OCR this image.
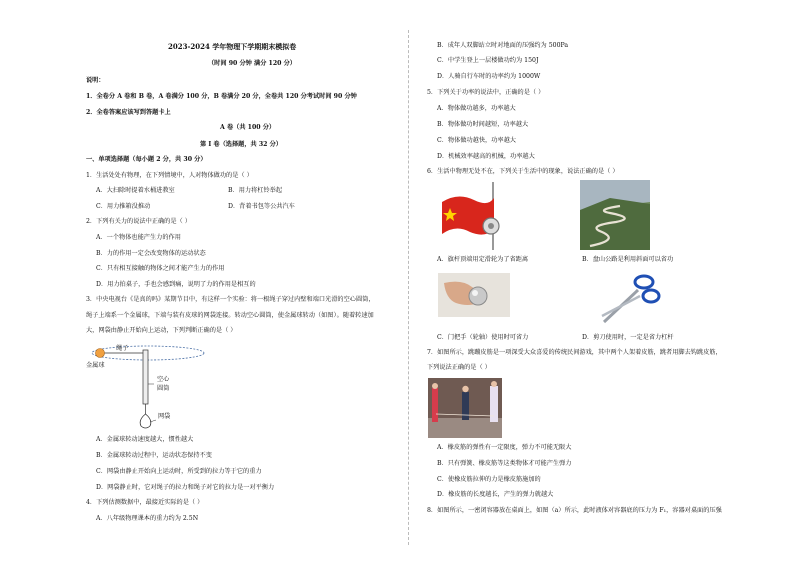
2023-2024 学年物理下学期期末模拟卷
（时间 90 分钟 满分 120 分）
说明：
1．全卷分 A 卷和 B 卷，A 卷满分 100 分，B 卷满分 20 分，全卷共 120 分考试时间 90 分钟
2．全卷答案应该写到答题卡上
A 卷（共 100 分）
第 I 卷（选择题，共 32 分）
一、单项选择题（每小题 2 分，共 30 分）
1．生活处处有物理，在下列情境中，人对物体做功的是（ ）
A．大扫除时提着水桶进教室	B．用力将杠铃举起
C．用力推箱没推动	D．背着书包等公共汽车
2．下列有关力的说法中正确的是（ ）
A．一个物体也能产生力的作用
B．力的作用一定会改变物体的运动状态
C．只有相互接触的物体之间才能产生力的作用
D．用力拍桌子，手也会感到痛，说明了力的作用是相互的
3．中央电视台《是真的吗》某期节目中，有这样一个实验：将一根绳子穿过内壁和端口光滑的空心圆筒，
绳子上端系一个金属球，下端与装有皮球的网袋连接。转动空心圆筒，使金属球转动（如图）。随着转速加
大，网袋由静止开始向上运动，下列判断正确的是（ ）
绳子
金属球
空心
圆筒
网袋
A．金属球转动速度越大，惯性越大
B．金属球转动过程中，运动状态保持不变
C．网袋由静止开始向上运动时，所受到的拉力等于它的重力
D．网袋静止时，它对绳子的拉力和绳子对它的拉力是一对平衡力
4．下列估测数据中，最接近实际的是（ ）
A．八年级物理课本的重力约为 2.5N
B．成年人双脚站立时对地面的压强约为 500Pa
C．中学生登上一层楼做功约为 150J
D．人骑自行车时的功率约为 1000W
5．下列关于功率的说法中，正确的是（ ）
A．物体做功越多，功率越大
B．物体做功时间越短，功率越大
C．物体做功越快，功率越大
D．机械效率越高的机械，功率越大
6．生活中物理无处不在，下列关于生活中的现象，说法正确的是（ ）
A．旗杆顶端用定滑轮为了省距离	B．盘山公路是利用斜面可以省功
C．门把手（轮轴）使用时可省力	D．剪刀使用时，一定是省力杠杆
7．如图所示，跳蹦皮筋是一项深受大众喜爱的传统民间游戏，其中两个人架着皮筋，跳者用脚去钩跳皮筋，
下列说法正确的是（ ）
A．橡皮筋的弹性有一定限度，弹力不可能无限大
B．只有弹簧、橡皮筋等这类物体才可能产生弹力
C．使橡皮筋拉伸的力是橡皮筋施加的
D．橡皮筋的长度越长，产生的弹力就越大
8．如图所示，一密闭容器放在桌面上，如图（a）所示，此时液体对容器底的压力为 F₁，容器对桌面的压强
